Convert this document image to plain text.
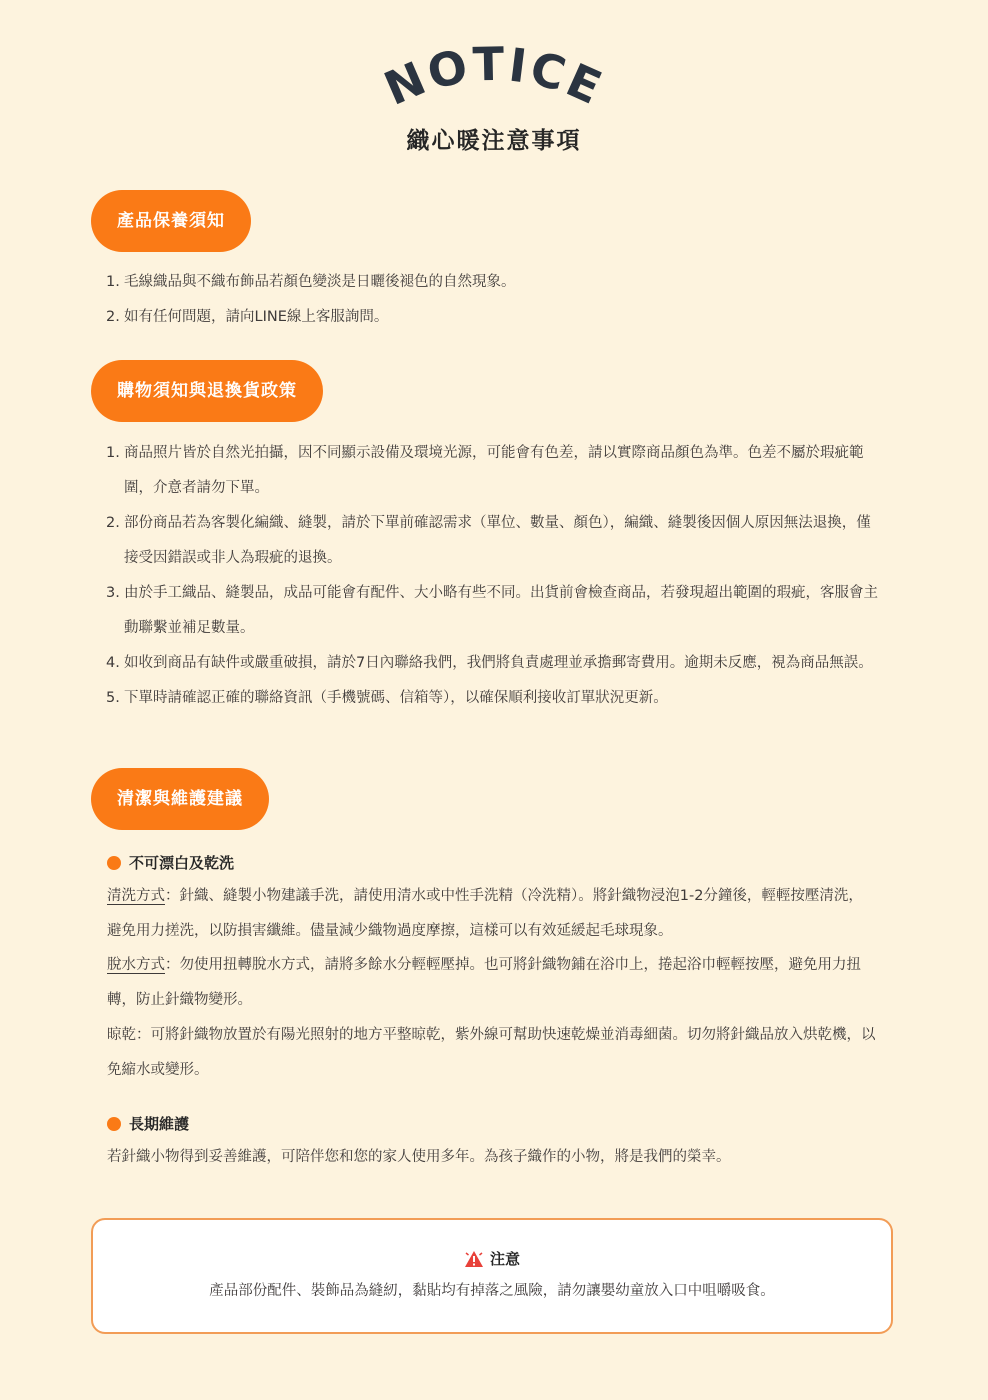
NOTICE
織心暖注意事項
產品保養須知
1. 毛線織品與不織布飾品若顏色變淡是日曬後褪色的自然現象。
2. 如有任何問題，請向LINE線上客服詢問。
購物須知與退換貨政策
1. 商品照片皆於自然光拍攝，因不同顯示設備及環境光源，可能會有色差，請以實際商品顏色為準。色差不屬於瑕疵範圍，介意者請勿下單。
2. 部份商品若為客製化編織、縫製，請於下單前確認需求（單位、數量、顏色），編織、縫製後因個人原因無法退換，僅接受因錯誤或非人為瑕疵的退換。
3. 由於手工織品、縫製品，成品可能會有配件、大小略有些不同。出貨前會檢查商品，若發現超出範圍的瑕疵，客服會主動聯繫並補足數量。
4. 如收到商品有缺件或嚴重破損，請於7日內聯絡我們，我們將負責處理並承擔郵寄費用。逾期未反應，視為商品無誤。
5. 下單時請確認正確的聯絡資訊（手機號碼、信箱等），以確保順利接收訂單狀況更新。
清潔與維護建議
不可漂白及乾洗
清洗方式：針織、縫製小物建議手洗，請使用清水或中性手洗精（冷洗精）。將針織物浸泡1-2分鐘後，輕輕按壓清洗，避免用力搓洗，以防損害纖維。儘量減少織物過度摩擦，這樣可以有效延緩起毛球現象。
脫水方式：勿使用扭轉脫水方式，請將多餘水分輕輕壓掉。也可將針織物鋪在浴巾上，捲起浴巾輕輕按壓，避免用力扭轉，防止針織物變形。
晾乾：可將針織物放置於有陽光照射的地方平整晾乾，紫外線可幫助快速乾燥並消毒細菌。切勿將針織品放入烘乾機，以免縮水或變形。
長期維護
若針織小物得到妥善維護，可陪伴您和您的家人使用多年。為孩子織作的小物，將是我們的榮幸。
注意
產品部份配件、裝飾品為縫紉，黏貼均有掉落之風險，請勿讓嬰幼童放入口中咀嚼吸食。
